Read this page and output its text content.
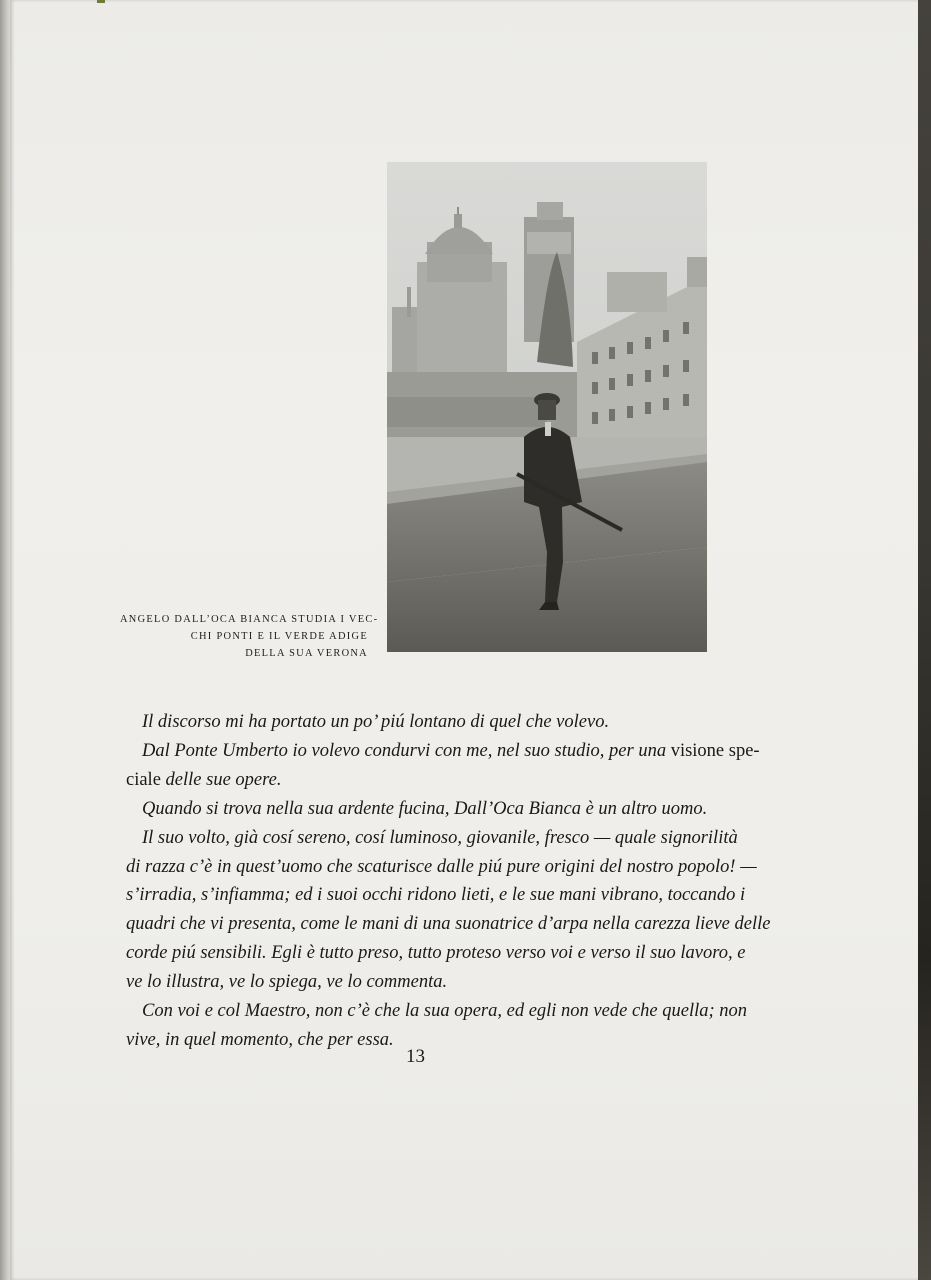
ANGELO DALL’OCA BIANCA STUDIA I VEC-
CHI PONTI E IL VERDE ADIGE
DELLA SUA VERONA
Il discorso mi ha portato un po’ piú lontano di quel che volevo.
Dal Ponte Umberto io volevo condurvi con me, nel suo studio, per una visione spe-
ciale delle sue opere.
Quando si trova nella sua ardente fucina, Dall’Oca Bianca è un altro uomo.
Il suo volto, già cosí sereno, cosí luminoso, giovanile, fresco — quale signorilità
di razza c’è in quest’uomo che scaturisce dalle piú pure origini del nostro popolo! —
s’irradia, s’infiamma; ed i suoi occhi ridono lieti, e le sue mani vibrano, toccando i
quadri che vi presenta, come le mani di una suonatrice d’arpa nella carezza lieve delle
corde piú sensibili. Egli è tutto preso, tutto proteso verso voi e verso il suo lavoro, e
ve lo illustra, ve lo spiega, ve lo commenta.
Con voi e col Maestro, non c’è che la sua opera, ed egli non vede che quella; non
vive, in quel momento, che per essa.
13
